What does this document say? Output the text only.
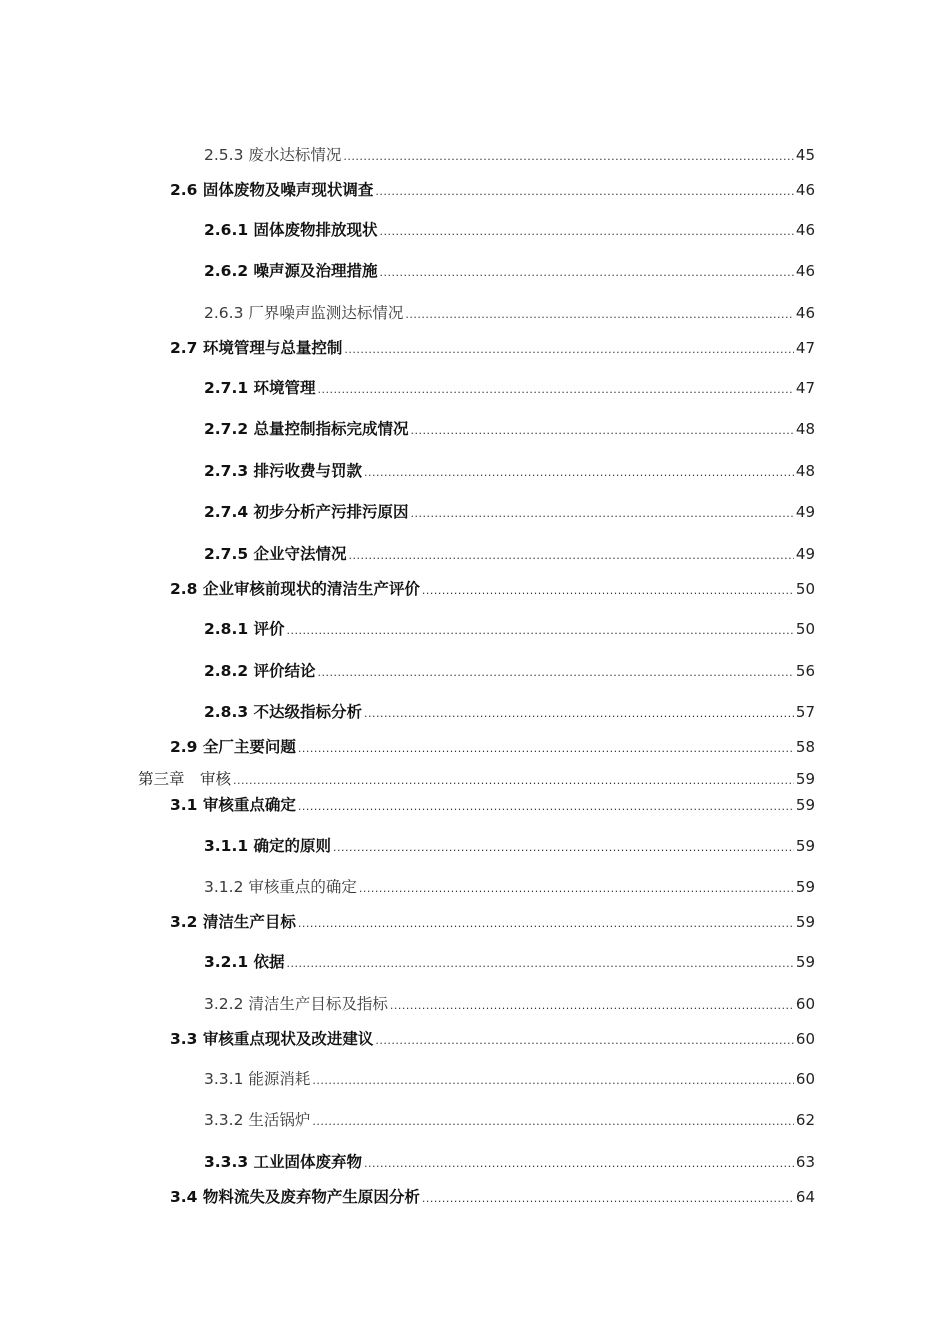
2.5.3 废水达标情况 .....	45
2.6 固体废物及噪声现状调查 .....	46
2.6.1 固体废物排放现状 .....	46
2.6.2 噪声源及治理措施 .....	46
2.6.3 厂界噪声监测达标情况 .....	46
2.7 环境管理与总量控制 .....	47
2.7.1 环境管理 .....	47
2.7.2 总量控制指标完成情况 .....	48
2.7.3 排污收费与罚款 .....	48
2.7.4 初步分析产污排污原因 .....	49
2.7.5 企业守法情况 .....	49
2.8 企业审核前现状的清洁生产评价 .....	50
2.8.1 评价 .....	50
2.8.2 评价结论 .....	56
2.8.3 不达级指标分析 .....	57
2.9 全厂主要问题 .....	58
第三章　审核 .....	59
3.1 审核重点确定 .....	59
3.1.1 确定的原则 .....	59
3.1.2 审核重点的确定 .....	59
3.2 清洁生产目标 .....	59
3.2.1 依据 .....	59
3.2.2 清洁生产目标及指标 .....	60
3.3 审核重点现状及改进建议 .....	60
3.3.1 能源消耗 .....	60
3.3.2 生活锅炉 .....	62
3.3.3 工业固体废弃物 .....	63
3.4 物料流失及废弃物产生原因分析 .....	64
